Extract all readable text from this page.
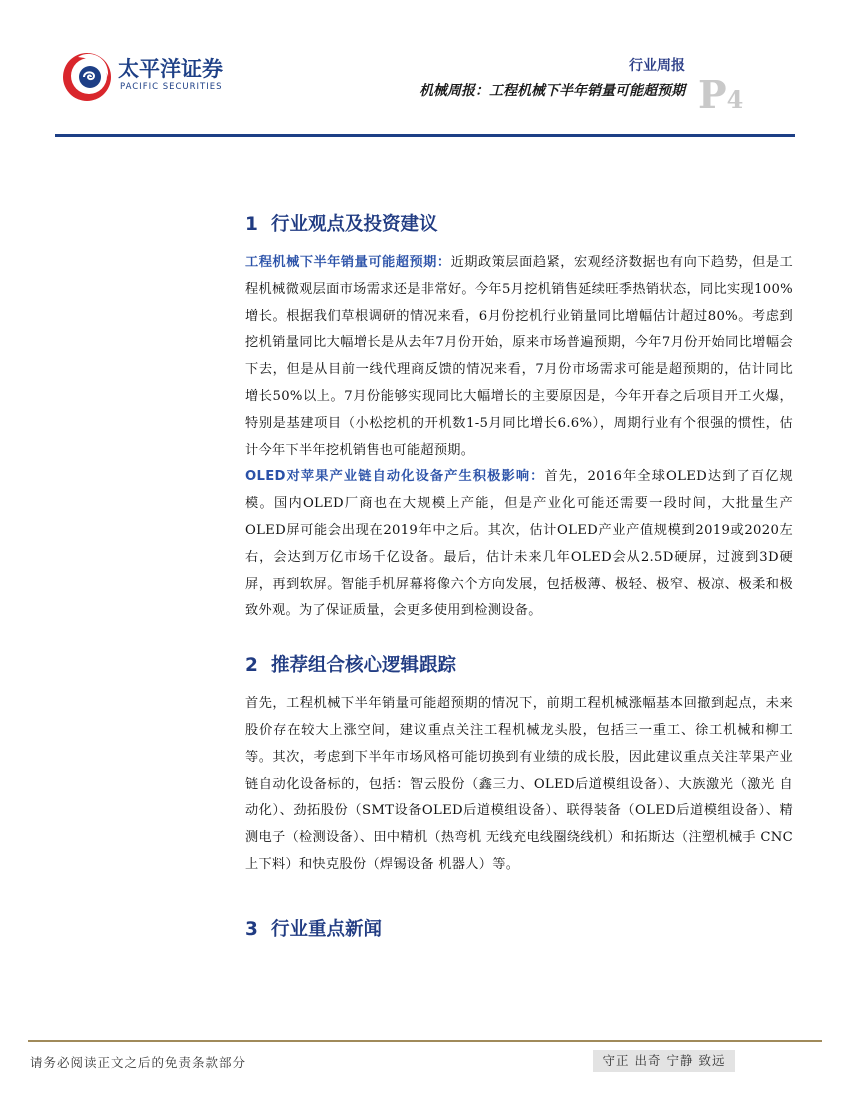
太平洋证券
PACIFIC SECURITIES
行业周报
机械周报：工程机械下半年销量可能超预期 P4
1 行业观点及投资建议

工程机械下半年销量可能超预期：近期政策层面趋紧，宏观经济数据也有向下趋势，但是工程机械微观层面市场需求还是非常好。今年5月挖机销售延续旺季热销状态，同比实现100%增长。根据我们草根调研的情况来看，6月份挖机行业销量同比增幅估计超过80%。考虑到挖机销量同比大幅增长是从去年7月份开始，原来市场普遍预期，今年7月份开始同比增幅会下去，但是从目前一线代理商反馈的情况来看，7月份市场需求可能是超预期的，估计同比增长50%以上。7月份能够实现同比大幅增长的主要原因是，今年开春之后项目开工火爆，特别是基建项目（小松挖机的开机数1-5月同比增长6.6%），周期行业有个很强的惯性，估计今年下半年挖机销售也可能超预期。

OLED对苹果产业链自动化设备产生积极影响：首先，2016年全球OLED达到了百亿规模。国内OLED厂商也在大规模上产能，但是产业化可能还需要一段时间，大批量生产OLED屏可能会出现在2019年中之后。其次，估计OLED产业产值规模到2019或2020左右，会达到万亿市场千亿设备。最后，估计未来几年OLED会从2.5D硬屏，过渡到3D硬屏，再到软屏。智能手机屏幕将像六个方向发展，包括极薄、极轻、极窄、极凉、极柔和极致外观。为了保证质量，会更多使用到检测设备。

2 推荐组合核心逻辑跟踪

首先，工程机械下半年销量可能超预期的情况下，前期工程机械涨幅基本回撤到起点，未来股价存在较大上涨空间，建议重点关注工程机械龙头股，包括三一重工、徐工机械和柳工等。其次，考虑到下半年市场风格可能切换到有业绩的成长股，因此建议重点关注苹果产业链自动化设备标的，包括：智云股份（鑫三力、OLED后道模组设备）、大族激光（激光 自动化）、劲拓股份（SMT设备OLED后道模组设备）、联得装备（OLED后道模组设备）、精测电子（检测设备）、田中精机（热弯机 无线充电线圈绕线机）和拓斯达（注塑机械手 CNC上下料）和快克股份（焊锡设备 机器人）等。

3 行业重点新闻
请务必阅读正文之后的免责条款部分	守正 出奇 宁静 致远
